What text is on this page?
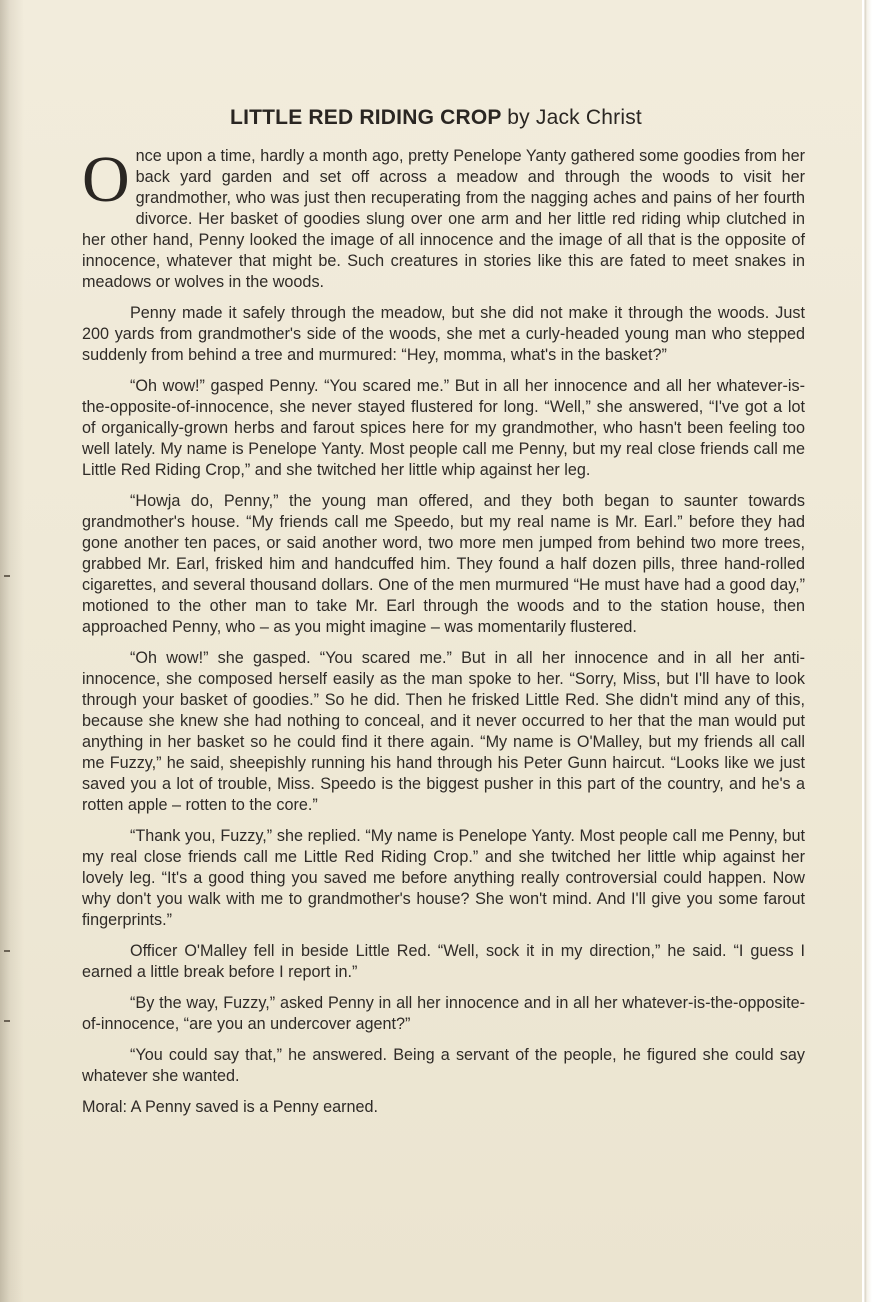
LITTLE RED RIDING CROP by Jack Christ

Once upon a time, hardly a month ago, pretty Penelope Yanty gathered some goodies from her back yard garden and set off across a meadow and through the woods to visit her grandmother, who was just then recuperating from the nagging aches and pains of her fourth divorce. Her basket of goodies slung over one arm and her little red riding whip clutched in her other hand, Penny looked the image of all innocence and the image of all that is the opposite of innocence, whatever that might be. Such creatures in stories like this are fated to meet snakes in meadows or wolves in the woods.

Penny made it safely through the meadow, but she did not make it through the woods. Just 200 yards from grandmother's side of the woods, she met a curly-headed young man who stepped suddenly from behind a tree and murmured: “Hey, momma, what's in the basket?”

“Oh wow!” gasped Penny. “You scared me.” But in all her innocence and all her whatever-is-the-opposite-of-innocence, she never stayed flustered for long. “Well,” she answered, “I've got a lot of organically-grown herbs and farout spices here for my grandmother, who hasn't been feeling too well lately. My name is Penelope Yanty. Most people call me Penny, but my real close friends call me Little Red Riding Crop,” and she twitched her little whip against her leg.

“Howja do, Penny,” the young man offered, and they both began to saunter towards grandmother's house. “My friends call me Speedo, but my real name is Mr. Earl.” before they had gone another ten paces, or said another word, two more men jumped from behind two more trees, grabbed Mr. Earl, frisked him and handcuffed him. They found a half dozen pills, three hand-rolled cigarettes, and several thousand dollars. One of the men murmured “He must have had a good day,” motioned to the other man to take Mr. Earl through the woods and to the station house, then approached Penny, who – as you might imagine – was momentarily flustered.

“Oh wow!” she gasped. “You scared me.” But in all her innocence and in all her anti-innocence, she composed herself easily as the man spoke to her. “Sorry, Miss, but I'll have to look through your basket of goodies.” So he did. Then he frisked Little Red. She didn't mind any of this, because she knew she had nothing to conceal, and it never occurred to her that the man would put anything in her basket so he could find it there again. “My name is O'Malley, but my friends all call me Fuzzy,” he said, sheepishly running his hand through his Peter Gunn haircut. “Looks like we just saved you a lot of trouble, Miss. Speedo is the biggest pusher in this part of the country, and he's a rotten apple – rotten to the core.”

“Thank you, Fuzzy,” she replied. “My name is Penelope Yanty. Most people call me Penny, but my real close friends call me Little Red Riding Crop.” and she twitched her little whip against her lovely leg. “It's a good thing you saved me before anything really controversial could happen. Now why don't you walk with me to grandmother's house? She won't mind. And I'll give you some farout fingerprints.”

Officer O'Malley fell in beside Little Red. “Well, sock it in my direction,” he said. “I guess I earned a little break before I report in.”

“By the way, Fuzzy,” asked Penny in all her innocence and in all her whatever-is-the-opposite-of-innocence, “are you an undercover agent?”

“You could say that,” he answered. Being a servant of the people, he figured she could say whatever she wanted.

Moral: A Penny saved is a Penny earned.
